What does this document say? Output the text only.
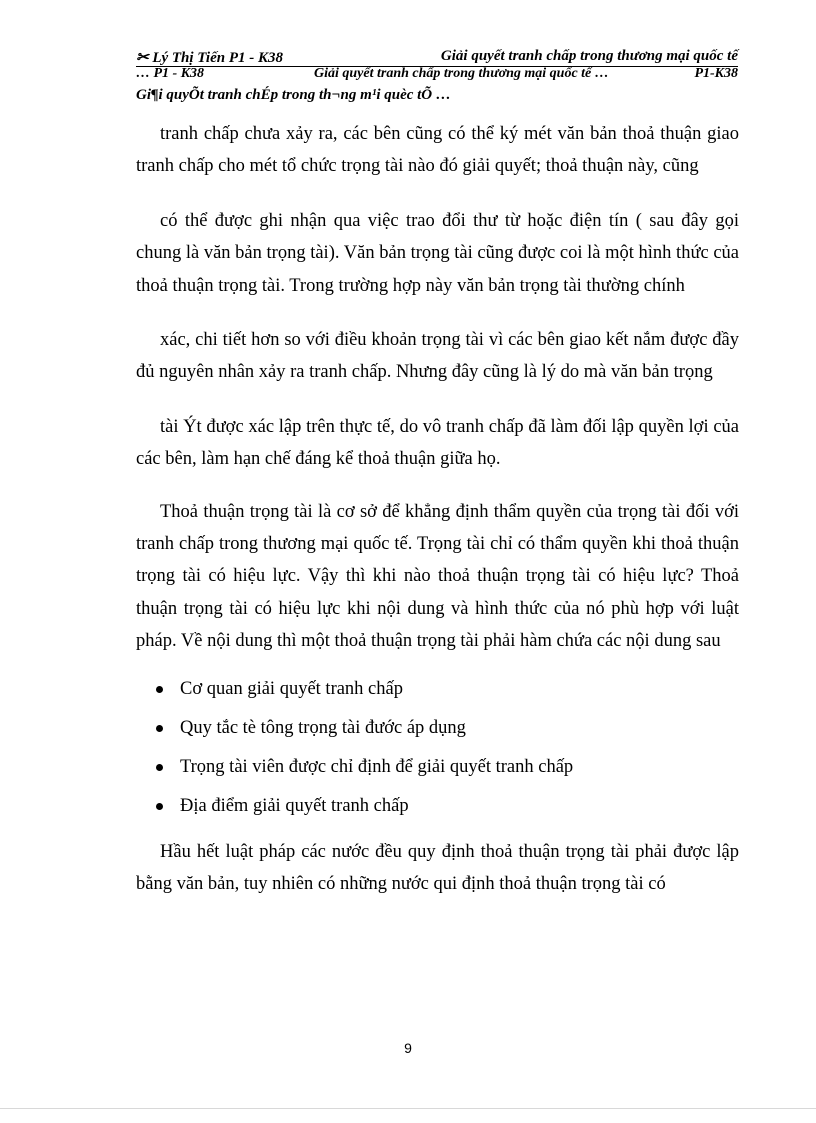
✂ Lý Thị Tiến P1 - K38	Giải quyết tranh chấp trong thương mại quốc tế
… P1 - K38	Giải quyết tranh chấp trong thương mại quốc tế …	P1-K38
Gi¶i quyÕt tranh chÉp trong th¬ng m¹i quèc tÕ …

tranh chấp chưa xảy ra, các bên cũng có thể ký mét văn bản thoả thuận giao tranh chấp cho mét tổ chức trọng tài nào đó giải quyết; thoả thuận này, cũng

có thể được ghi nhận qua việc trao đổi thư từ hoặc điện tín ( sau đây gọi chung là văn bản trọng tài). Văn bản trọng tài cũng được coi là một hình thức của thoả thuận trọng tài. Trong trường hợp này văn bản trọng tài thường chính

xác, chi tiết hơn so với điều khoản trọng tài vì các bên giao kết nắm được đầy đủ nguyên nhân xảy ra tranh chấp. Nhưng đây cũng là lý do mà văn bản trọng

tài Ýt được xác lập trên thực tế, do vô tranh chấp đã làm đối lập quyền lợi của các bên, làm hạn chế đáng kể thoả thuận giữa họ.

Thoả thuận trọng tài là cơ sở để khẳng định thẩm quyền của trọng tài đối với tranh chấp trong thương mại quốc tế. Trọng tài chỉ có thẩm quyền khi thoả thuận trọng tài có hiệu lực. Vậy thì khi nào thoả thuận trọng tài có hiệu lực? Thoả thuận trọng tài có hiệu lực khi nội dung và hình thức của nó phù hợp với luật pháp. Về nội dung thì một thoả thuận trọng tài phải hàm chứa các nội dung sau

Cơ quan giải quyết tranh chấp
Quy tắc tè tông trọng tài đước áp dụng
Trọng tài viên được chỉ định để giải quyết tranh chấp
Địa điểm giải quyết tranh chấp

Hầu hết luật pháp các nước đều quy định thoả thuận trọng tài phải được lập bằng văn bản, tuy nhiên có những nước qui định thoả thuận trọng tài có

9
